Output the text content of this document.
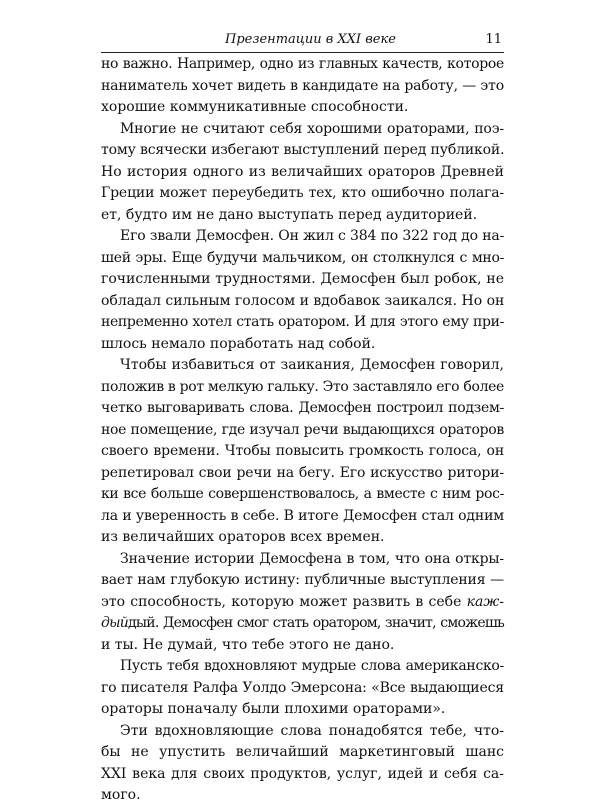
Презентации в XXI веке	11

но важно. Например, одно из главных качеств, которое
наниматель хочет видеть в кандидате на работу, — это
хорошие коммуникативные способности.

Многие не считают себя хорошими ораторами, поэ-
тому всячески избегают выступлений перед публикой.
Но история одного из величайших ораторов Древней
Греции может переубедить тех, кто ошибочно полага-
ет, будто им не дано выступать перед аудиторией.

Его звали Демосфен. Он жил с 384 по 322 год до на-
шей эры. Еще будучи мальчиком, он столкнулся с мно-
гочисленными трудностями. Демосфен был робок, не
обладал сильным голосом и вдобавок заикался. Но он
непременно хотел стать оратором. И для этого ему при-
шлось немало поработать над собой.

Чтобы избавиться от заикания, Демосфен говорил,
положив в рот мелкую гальку. Это заставляло его более
четко выговаривать слова. Демосфен построил подзем-
ное помещение, где изучал речи выдающихся ораторов
своего времени. Чтобы повысить громкость голоса, он
репетировал свои речи на бегу. Его искусство ритори-
ки все больше совершенствовалось, а вместе с ним рос-
ла и уверенность в себе. В итоге Демосфен стал одним
из величайших ораторов всех времен.

Значение истории Демосфена в том, что она откры-
вает нам глубокую истину: публичные выступления —
это способность, которую может развить в себе каж-
дыйдый. Демосфен смог стать оратором, значит, сможешь
и ты. Не думай, что тебе этого не дано.

Пусть тебя вдохновляют мудрые слова американско-
го писателя Ралфа Уолдо Эмерсона: «Все выдающиеся
ораторы поначалу были плохими ораторами».

Эти вдохновляющие слова понадобятся тебе, что-
бы не упустить величайший маркетинговый шанс
XXI века для своих продуктов, услуг, идей и себя са-
мого.
